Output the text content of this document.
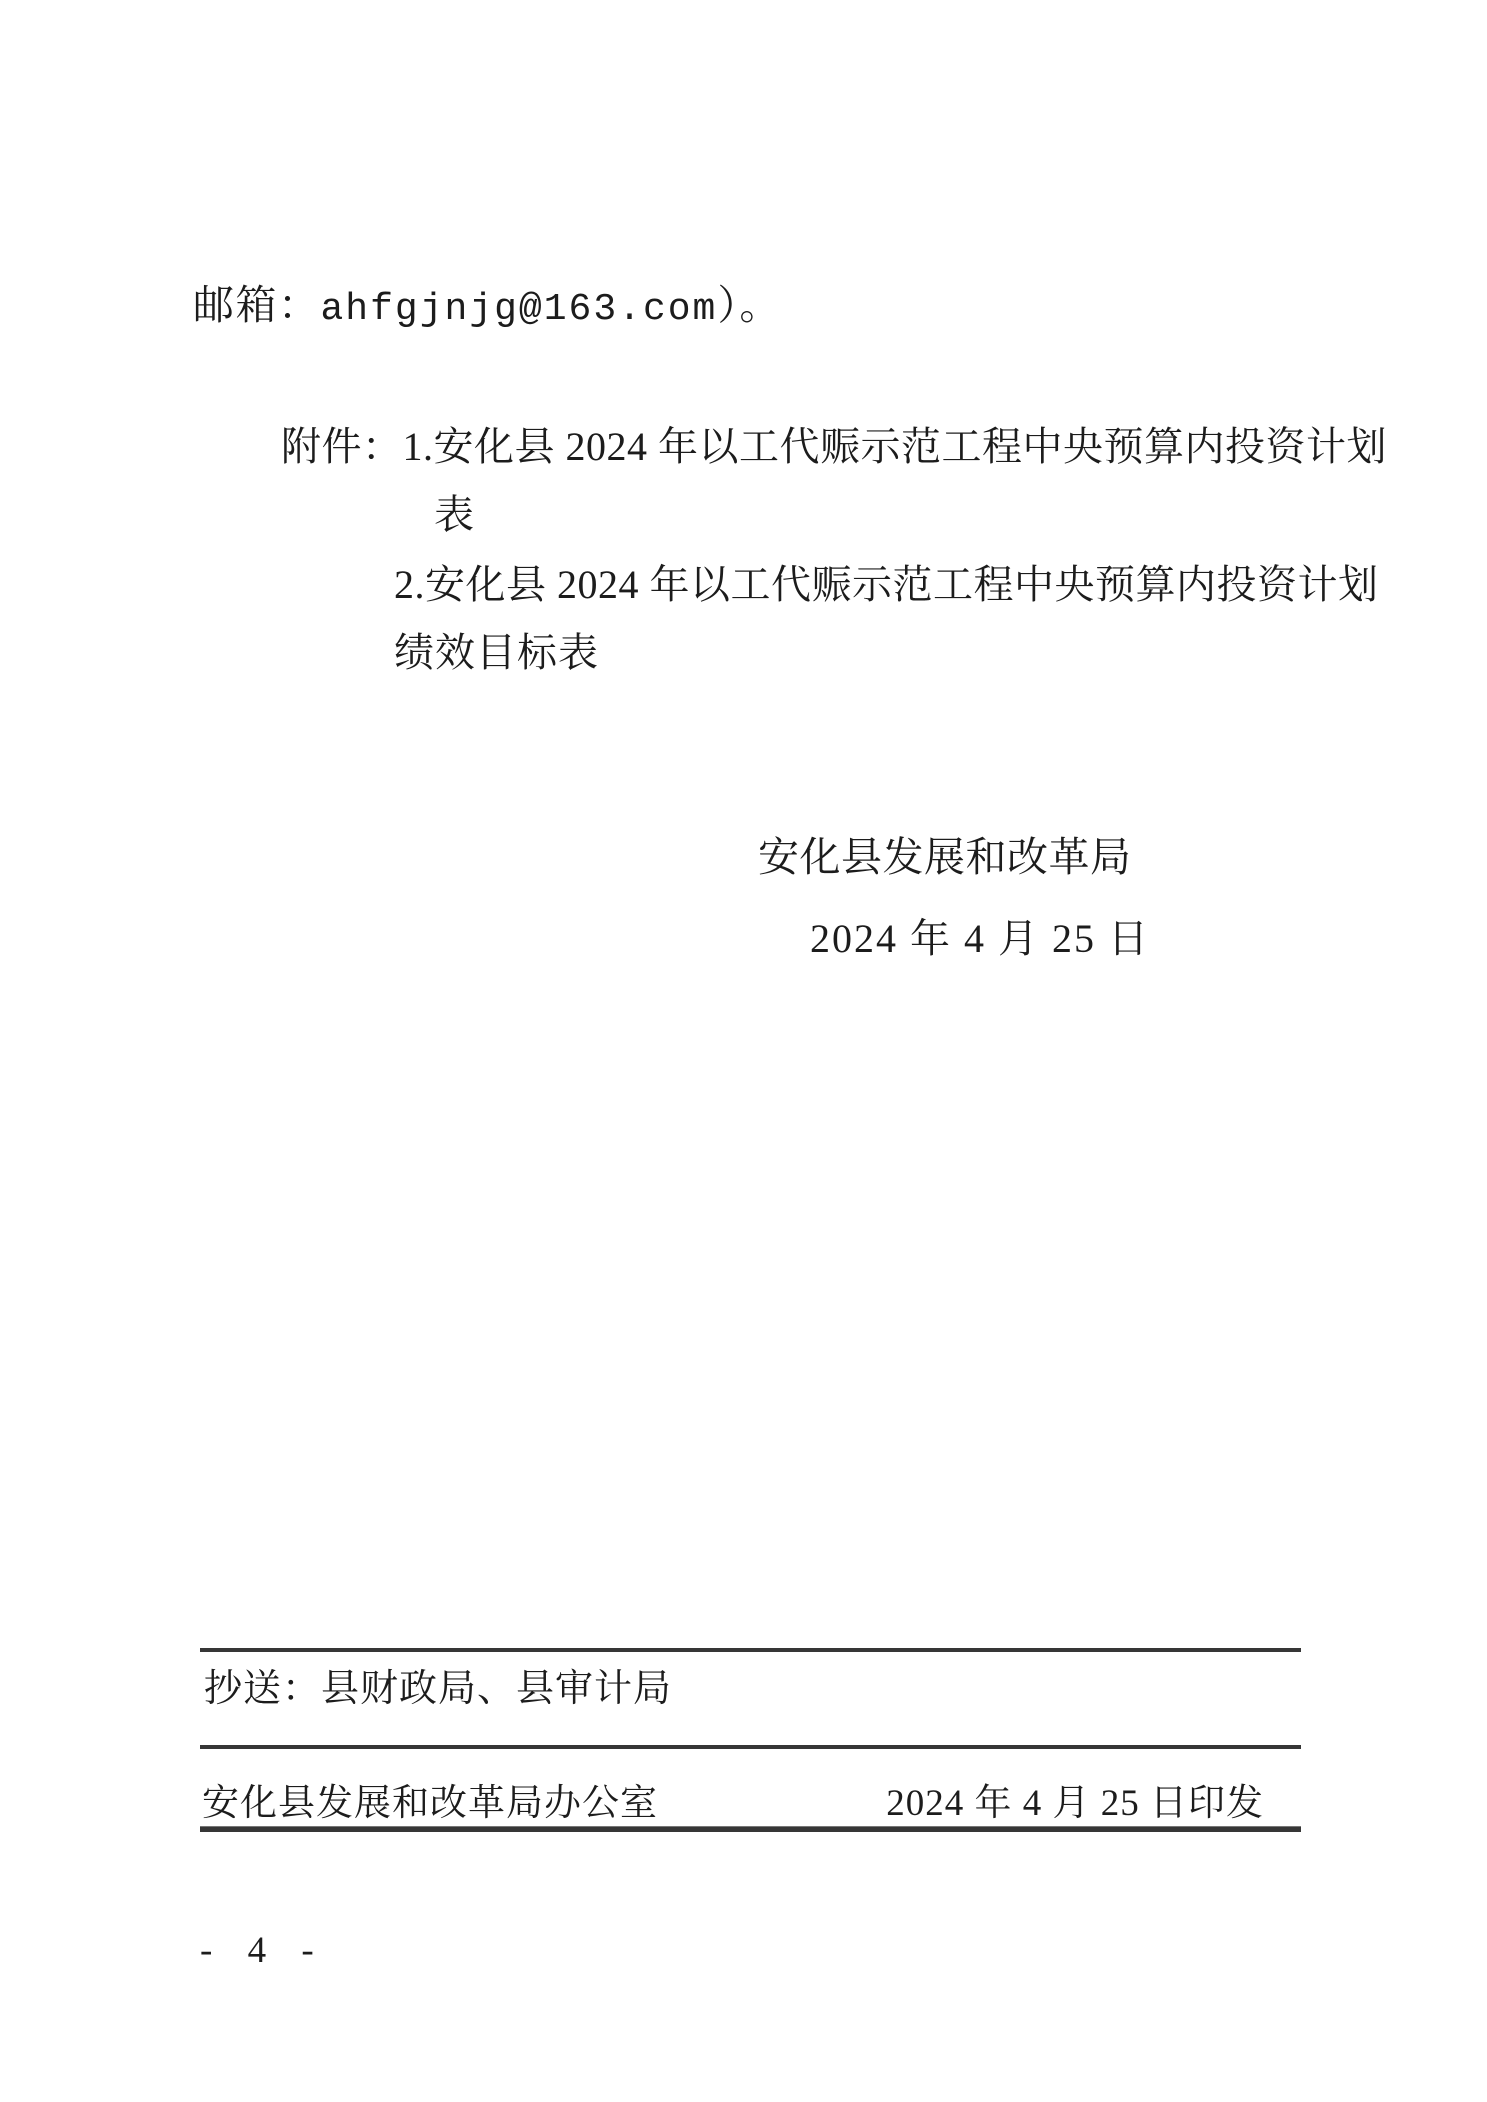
邮箱：ahfgjnjg@163.com）。

附件：1.安化县 2024 年以工代赈示范工程中央预算内投资计划

表

2.安化县 2024 年以工代赈示范工程中央预算内投资计划

绩效目标表

安化县发展和改革局

2024 年 4 月 25 日

抄送：县财政局、县审计局

安化县发展和改革局办公室	2024 年 4 月 25 日印发

- 4 -
